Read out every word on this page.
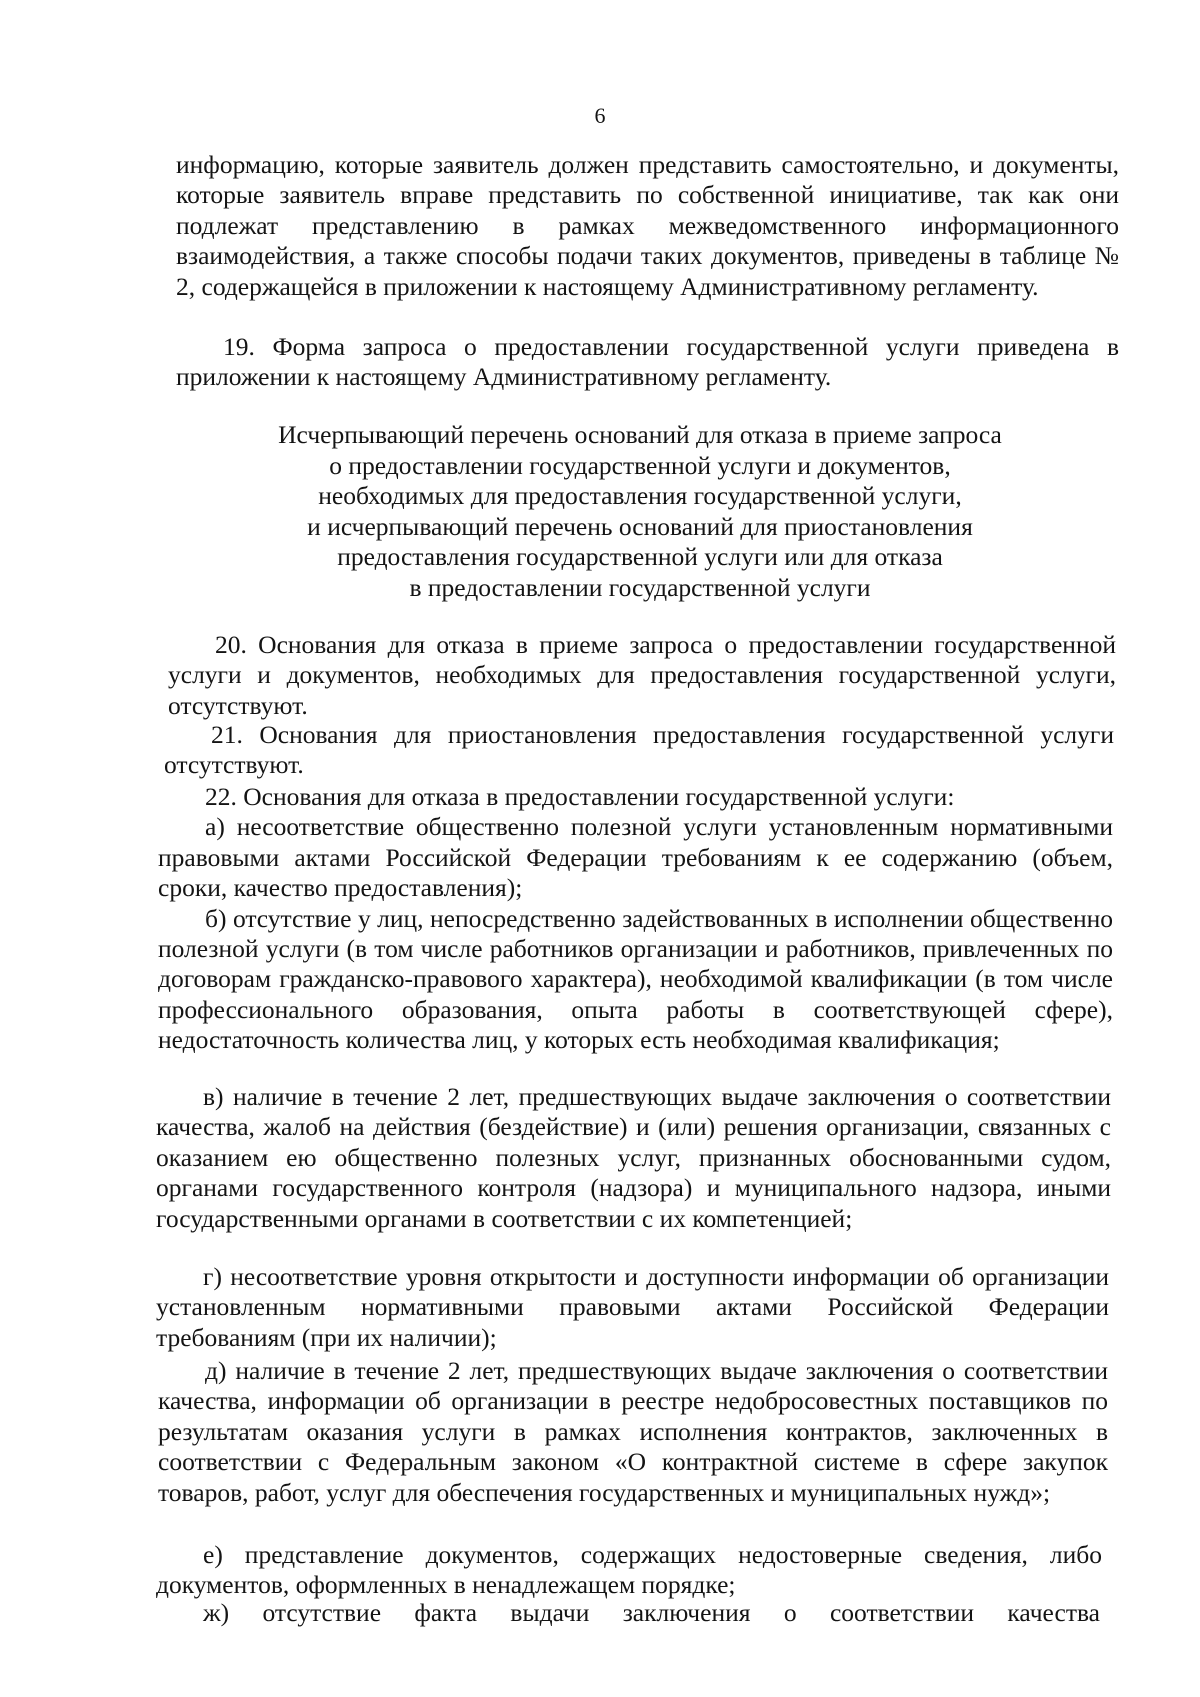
6

информацию, которые заявитель должен представить самостоятельно, и документы, которые заявитель вправе представить по собственной инициативе, так как они подлежат представлению в рамках межведомственного информационного взаимодействия, а также способы подачи таких документов, приведены в таблице № 2, содержащейся в приложении к настоящему Административному регламенту.

19. Форма запроса о предоставлении государственной услуги приведена в приложении к настоящему Административному регламенту.

Исчерпывающий перечень оснований для отказа в приеме запроса

о предоставлении государственной услуги и документов,

необходимых для предоставления государственной услуги,

и исчерпывающий перечень оснований для приостановления

предоставления государственной услуги или для отказа

в предоставлении государственной услуги

20. Основания для отказа в приеме запроса о предоставлении государственной услуги и документов, необходимых для предоставления государственной услуги, отсутствуют.

21. Основания для приостановления предоставления государственной услуги отсутствуют.

22. Основания для отказа в предоставлении государственной услуги:

а) несоответствие общественно полезной услуги установленным нормативными правовыми актами Российской Федерации требованиям к ее содержанию (объем, сроки, качество предоставления);

б) отсутствие у лиц, непосредственно задействованных в исполнении общественно полезной услуги (в том числе работников организации и работников, привлеченных по договорам гражданско-правового характера), необходимой квалификации (в том числе профессионального образования, опыта работы в соответствующей сфере), недостаточность количества лиц, у которых есть необходимая квалификация;

в) наличие в течение 2 лет, предшествующих выдаче заключения о соответствии качества, жалоб на действия (бездействие) и (или) решения организации, связанных с оказанием ею общественно полезных услуг, признанных обоснованными судом, органами государственного контроля (надзора) и муниципального надзора, иными государственными органами в соответствии с их компетенцией;

г) несоответствие уровня открытости и доступности информации об организации установленным нормативными правовыми актами Российской Федерации требованиям (при их наличии);

д) наличие в течение 2 лет, предшествующих выдаче заключения о соответствии качества, информации об организации в реестре недобросовестных поставщиков по результатам оказания услуги в рамках исполнения контрактов, заключенных в соответствии с Федеральным законом «О контрактной системе в сфере закупок товаров, работ, услуг для обеспечения государственных и муниципальных нужд»;

е) представление документов, содержащих недостоверные сведения, либо документов, оформленных в ненадлежащем порядке;

ж) отсутствие факта выдачи заключения о соответствии качества
